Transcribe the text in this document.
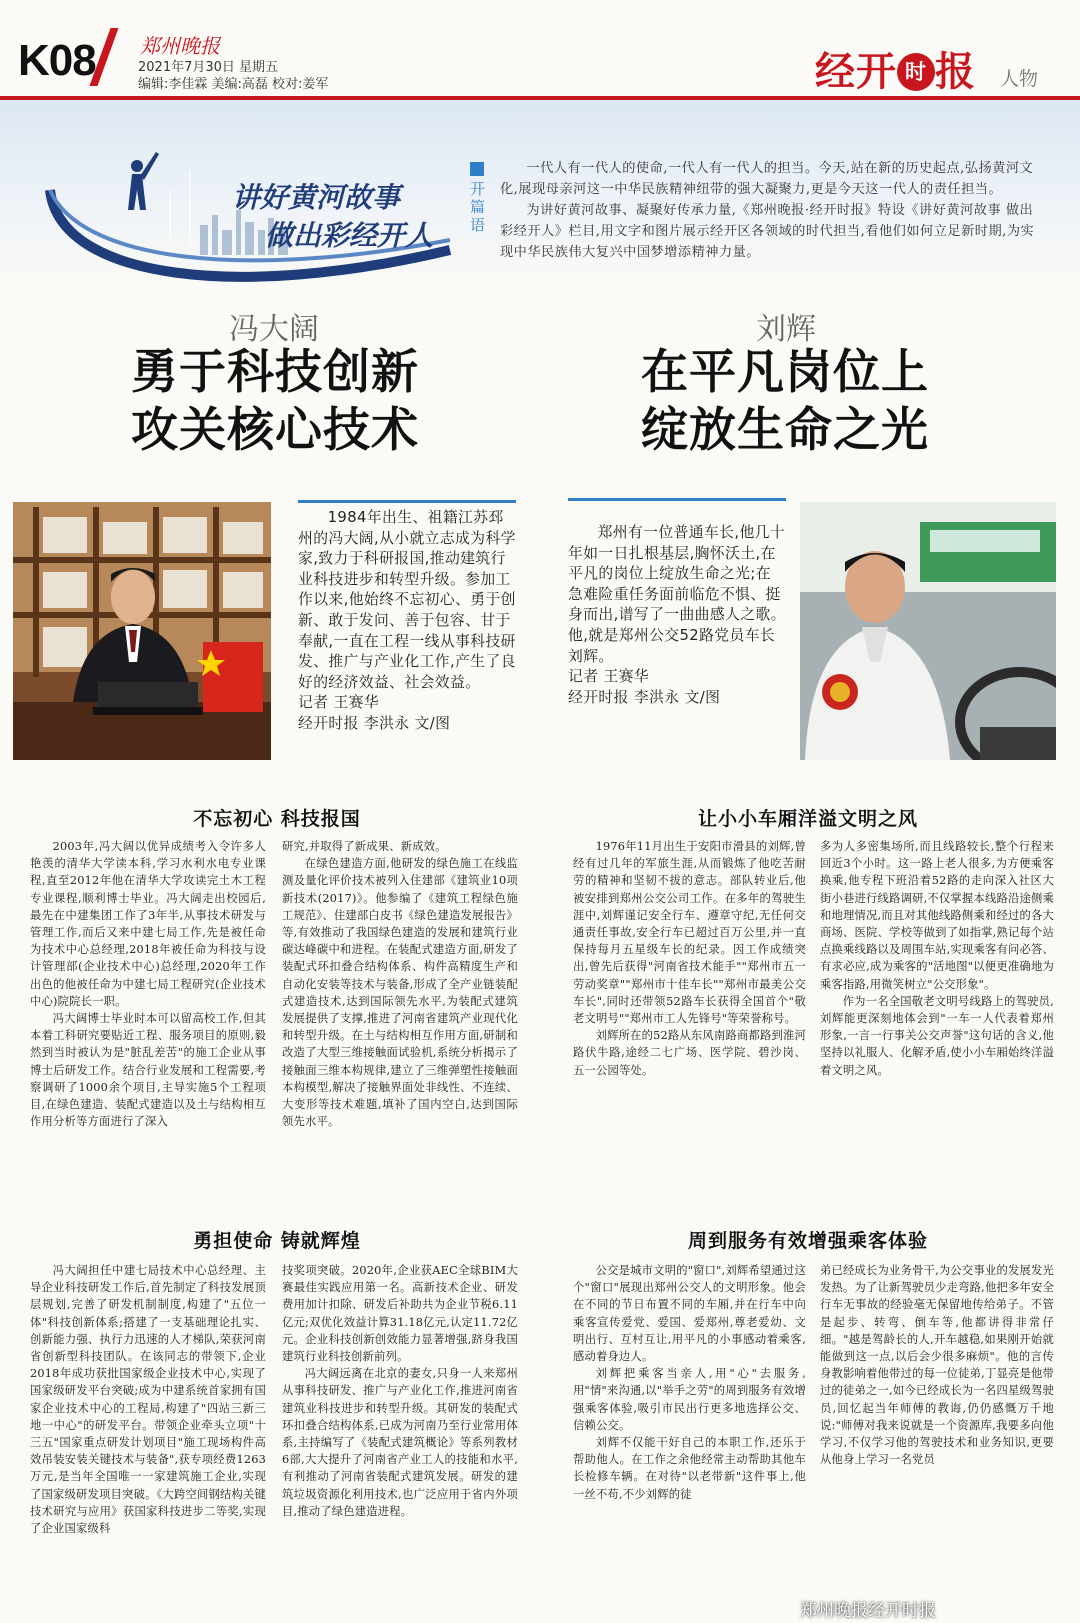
K08 郑州晚报
2021年7月30日 星期五
编辑:李佳霖 美编:高磊 校对:姜军	经开 时 报 人物
讲好黄河故事
做出彩经开人
开篇语

一代人有一代人的使命,一代人有一代人的担当。今天,站在新的历史起点,弘扬黄河文化,展现母亲河这一中华民族精神纽带的强大凝聚力,更是今天这一代人的责任担当。

为讲好黄河故事、凝聚好传承力量,《郑州晚报·经开时报》特设《讲好黄河故事 做出彩经开人》栏目,用文字和图片展示经开区各领域的时代担当,看他们如何立足新时期,为实现中华民族伟大复兴中国梦增添精神力量。

冯大阔
勇于科技创新
攻关核心技术
刘辉
在平凡岗位上
绽放生命之光
1984年出生、祖籍江苏邳州的冯大阔,从小就立志成为科学家,致力于科研报国,推动建筑行业科技进步和转型升级。参加工作以来,他始终不忘初心、勇于创新、敢于发问、善于包容、甘于奉献,一直在工程一线从事科技研发、推广与产业化工作,产生了良好的经济效益、社会效益。
记者 王赛华
经开时报 李洪永 文/图
郑州有一位普通车长,他几十年如一日扎根基层,胸怀沃土,在平凡的岗位上绽放生命之光;在急难险重任务面前临危不惧、挺身而出,谱写了一曲曲感人之歌。他,就是郑州公交52路党员车长刘辉。
记者 王赛华
经开时报 李洪永 文/图
不忘初心 科技报国	让小小车厢洋溢文明之风
勇担使命 铸就辉煌	周到服务有效增强乘客体验

2003年,冯大阔以优异成绩考入令许多人艳羡的清华大学读本科,学习水利水电专业课程,直至2012年他在清华大学攻读完土木工程专业课程,顺利博士毕业。冯大阔走出校园后,最先在中建集团工作了3年半,从事技术研发与管理工作,而后又来中建七局工作,先是被任命为技术中心总经理,2018年被任命为科技与设计管理部(企业技术中心)总经理,2020年工作出色的他被任命为中建七局工程研究(企业技术中心)院院长一职。

冯大阔博士毕业时本可以留高校工作,但其本着工科研究要贴近工程、服务项目的原则,毅然到当时被认为是"脏乱差苦"的施工企业从事博士后研发工作。结合行业发展和工程需要,考察调研了1000余个项目,主导实施5个工程项目,在绿色建造、装配式建造以及土与结构相互作用分析等方面进行了深入

研究,并取得了新成果、新成效。

在绿色建造方面,他研发的绿色施工在线监测及量化评价技术被列入住建部《建筑业10项新技术(2017)》。他参编了《建筑工程绿色施工规范》、住建部白皮书《绿色建造发展报告》等,有效推动了我国绿色建造的发展和建筑行业碳达峰碳中和进程。在装配式建造方面,研发了装配式环扣叠合结构体系、构件高精度生产和自动化安装等技术与装备,形成了全产业链装配式建造技术,达到国际领先水平,为装配式建筑发展提供了支撑,推进了河南省建筑产业现代化和转型升级。在土与结构相互作用方面,研制和改造了大型三维接触面试验机,系统分析揭示了接触面三维本构规律,建立了三维弹塑性接触面本构模型,解决了接触界面处非线性、不连续、大变形等技术难题,填补了国内空白,达到国际领先水平。

1976年11月出生于安阳市滑县的刘辉,曾经有过几年的军旅生涯,从而锻炼了他吃苦耐劳的精神和坚韧不拔的意志。部队转业后,他被安排到郑州公交公司工作。在多年的驾驶生涯中,刘辉谨记安全行车、遵章守纪,无任何交通责任事故,安全行车已超过百万公里,并一直保持每月五星级车长的纪录。因工作成绩突出,曾先后获得"河南省技术能手""郑州市五一劳动奖章""郑州市十佳车长""郑州市最美公交车长",同时还带领52路车长获得全国首个"敬老文明号""郑州市工人先锋号"等荣誉称号。

刘辉所在的52路从东风南路商都路到淮河路伏牛路,途经二七广场、医学院、碧沙岗、五一公园等处。

多为人多密集场所,而且线路较长,整个行程来回近3个小时。这一路上老人很多,为方便乘客换乘,他专程下班沿着52路的走向深入社区大街小巷进行线路调研,不仅掌握本线路沿途侧乘和地理情况,而且对其他线路侧乘和经过的各大商场、医院、学校等做到了如指掌,熟记每个站点换乘线路以及周围车站,实现乘客有问必答、有求必应,成为乘客的"活地图"以便更准确地为乘客指路,用微笑树立"公交形象"。

作为一名全国敬老文明号线路上的驾驶员,刘辉能更深刻地体会到"一车一人代表着郑州形象,一言一行事关公交声誉"这句话的含义,他坚持以礼服人、化解矛盾,使小小车厢始终洋溢着文明之风。

冯大阔担任中建七局技术中心总经理、主导企业科技研发工作后,首先制定了科技发展顶层规划,完善了研发机制制度,构建了"五位一体"科技创新体系;搭建了一支基础理论扎实、创新能力强、执行力迅速的人才梯队,荣获河南省创新型科技团队。在该同志的带领下,企业2018年成功获批国家级企业技术中心,实现了国家级研发平台突破;成为中建系统首家拥有国家企业技术中心的工程局,构建了"四站三新三地一中心"的研发平台。带领企业牵头立项"十三五"国家重点研发计划项目"施工现场构件高效吊装安装关键技术与装备",获专项经费1263万元,是当年全国唯一一家建筑施工企业,实现了国家级研发项目突破。《大跨空间钢结构关键技术研究与应用》获国家科技进步二等奖,实现了企业国家级科

技奖项突破。2020年,企业获AEC全球BIM大赛最佳实践应用第一名。高新技术企业、研发费用加计扣除、研发后补助共为企业节税6.11亿元;双优化效益计算31.18亿元,认定11.72亿元。企业科技创新创效能力显著增强,跻身我国建筑行业科技创新前列。

冯大阔远离在北京的妻女,只身一人来郑州从事科技研发、推广与产业化工作,推进河南省建筑业科技进步和转型升级。其研发的装配式环扣叠合结构体系,已成为河南乃至行业常用体系,主持编写了《装配式建筑概论》等系列教材6部,大大提升了河南省产业工人的技能和水平,有利推动了河南省装配式建筑发展。研发的建筑垃圾资源化利用技术,也广泛应用于省内外项目,推动了绿色建造进程。

公交是城市文明的"窗口",刘辉希望通过这个"窗口"展现出郑州公交人的文明形象。他会在不同的节日布置不同的车厢,并在行车中向乘客宣传爱党、爱国、爱郑州,尊老爱幼、文明出行、互村互让,用平凡的小事感动着乘客,感动着身边人。

刘辉把乘客当亲人,用"心"去服务,用"情"来沟通,以"举手之劳"的周到服务有效增强乘客体验,吸引市民出行更多地选择公交、信赖公交。

刘辉不仅能干好自己的本职工作,还乐于帮助他人。在工作之余他经常主动帮助其他车长检修车辆。在对待"以老带新"这件事上,他一丝不苟,不少刘辉的徒

弟已经成长为业务骨干,为公交事业的发展发光发热。为了让新驾驶员少走弯路,他把多年安全行车无事故的经验毫无保留地传给弟子。不管是起步、转弯、倒车等,他都讲得非常仔细。"越是驾龄长的人,开车越稳,如果刚开始就能做到这一点,以后会少很多麻烦"。他的言传身教影响着他带过的每一位徒弟,丁显亮是他带过的徒弟之一,如今已经成长为一名四星级驾驶员,回忆起当年师傅的教诲,仍仍感慨万千地说:"师傅对我来说就是一个资源库,我要多向他学习,不仅学习他的驾驶技术和业务知识,更要从他身上学习一名党员

郑州晚报经开时报
